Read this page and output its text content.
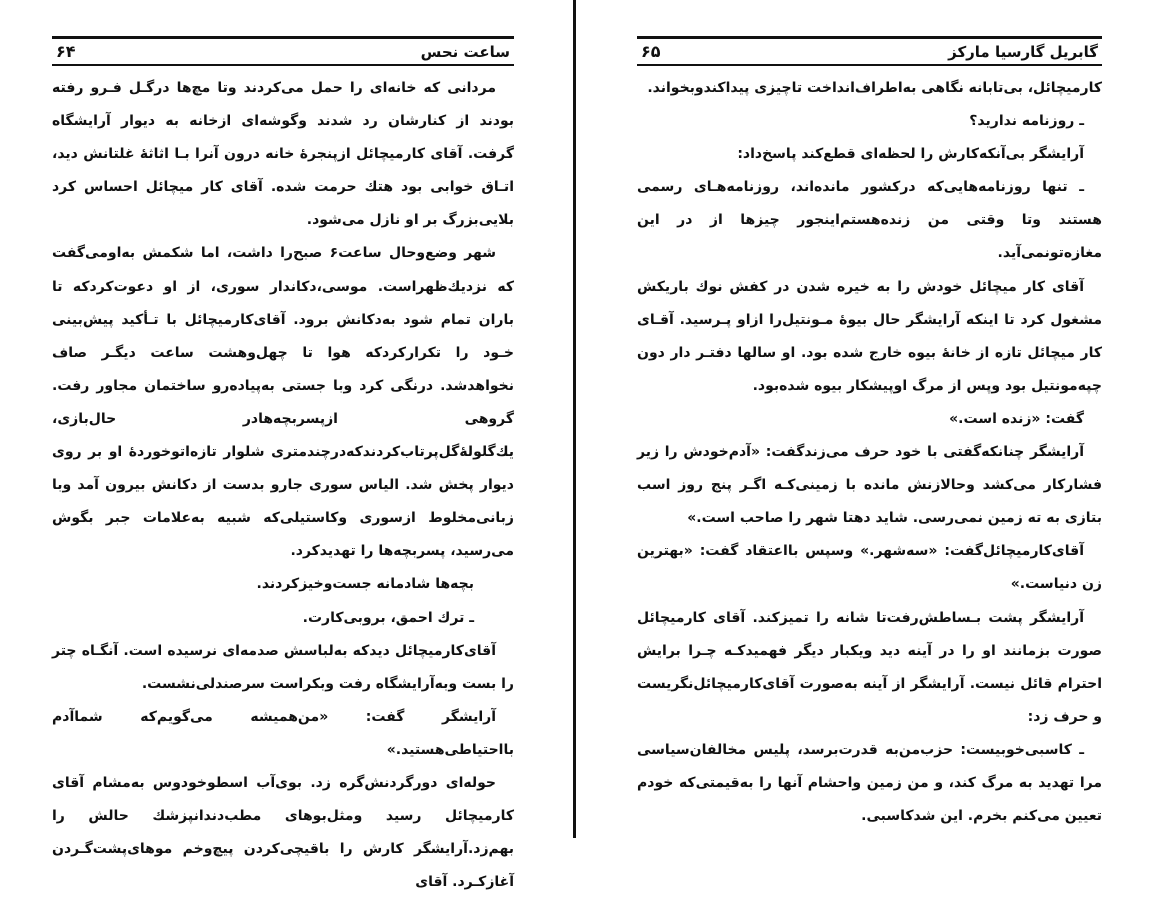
ساعت نحس
۶۴

مردانی که خانه‌ای را حمل می‌کردند وتا مچ‌ها درگـل فـرو رفته بودند از کنارشان رد شدند وگوشه‌ای ازخانه به دیوار آرایشگاه گرفت. آقای کارمیچائل ازپنجرهٔ خانه درون آنرا بـا اثاثهٔ غلتانش دید، اتـاق خوابی بود هتك حرمت شده. آقای کار میچائل احساس کرد بلایی‌بزرگ بر او نازل می‌شود.

شهر وضع‌وحال ساعت۶ صبح‌را داشت، اما شکمش به‌اومی‌گفت که نزدیك‌ظهراست. موسی،دکاندار سوری، از او دعوت‌کردکه تا باران تمام شود به‌دکانش برود. آقای‌کارمیچائل با تـأکید پیش‌بینی خـود را تکرارکردکه هوا تا چهل‌وهشت ساعت دیگـر صاف نخواهدشد. درنگی کرد وبا جستی به‌پیاده‌رو ساختمان مجاور رفت. گروهی ازپسربچه‌هادر حال‌بازی، یك‌گلولهٔ‌گل‌پرتاب‌کردندکه‌درچندمتری شلوار تازه‌اتوخوردهٔ او بر روی دیوار پخش شد. الیاس سوری جارو بدست از دکانش بیرون آمد وبا زبانی‌مخلوط ازسوری وکاستیلی‌که شبیه به‌علامات جبر بگوش می‌رسید، پسربچه‌ها را تهدیدکرد.

بچه‌ها شادمانه جست‌وخیزکردند.

ـ ترك احمق، بروبی‌کارت.

آقای‌کارمیچائل دیدکه به‌لباسش صدمه‌ای نرسیده است. آنگـاه چتر را بست وبه‌آرایشگاه رفت وبکراست سرصندلی‌نشست.

آرایشگر گفت: «من‌همیشه می‌گویم‌که شماآدم بااحتیاطی‌هستید.»

حوله‌ای دورگردنش‌گره زد. بوی‌آب اسطوخودوس به‌مشام آقای کارمیچائل رسید ومثل‌بوهای مطب‌دندانپزشك حالش را بهم‌زد.آرایشگر کارش را باقیچی‌کردن پیچ‌وخم موهای‌پشت‌گـردن آغازکـرد. آقای

گابریل گارسیا مارکز
۶۵

کارمیچائل، بی‌تابانه نگاهی به‌اطراف‌انداخت تاچیزی پیداکندوبخواند.

ـ روزنامه ندارید؟

آرایشگر بی‌آنکه‌کارش را لحظه‌ای قطع‌کند پاسخ‌داد:

ـ تنها روزنامه‌هایی‌که درکشور مانده‌اند، روزنامه‌هـای رسمی هستند وتا وقتی من زنده‌هستم‌اینجور چیزها از در این مغازه‌تونمی‌آید.

آقای کار میچائل خودش را به خیره شدن در کفش نوك باریکش مشغول کرد تا اینکه آرایشگر حال بیوهٔ مـونتیل‌را ازاو پـرسید. آقـای کار میچائل تازه از خانهٔ بیوه خارج شده بود. او سالها دفتـر دار دون چپه‌مونتیل بود وپس از مرگ اوپیشکار بیوه شده‌بود.

گفت: «زنده است.»

آرایشگر چنانکه‌گفتی با خود حرف می‌زندگفت: «آدم‌خودش را زیر فشارکار می‌کشد وحالازنش مانده با زمینی‌کـه اگـر پنج روز اسب بتازی به ته زمین نمی‌رسی. شاید دهتا شهر را صاحب است.»

آقای‌کارمیچائل‌گفت: «سه‌شهر.» وسپس بااعتقاد گفت: «بهترین زن دنیاست.»

آرایشگر پشت بـساطش‌رفت‌تا شانه را تمیزکند. آقای کارمیچائل صورت بزمانند او را در آینه دید ویکبار دیگر فهمیدکـه چـرا برایش احترام قائل نیست. آرایشگر از آینه به‌صورت آقای‌کارمیچائل‌نگریست و حرف زد:

ـ کاسبی‌خوبیست: حزب‌من‌به قدرت‌برسد، پلیس مخالفان‌سیاسی مرا تهدید به مرگ کند، و من زمین واحشام آنها را به‌قیمتی‌که خودم تعیین می‌کنم بخرم. این شدکاسبی.
